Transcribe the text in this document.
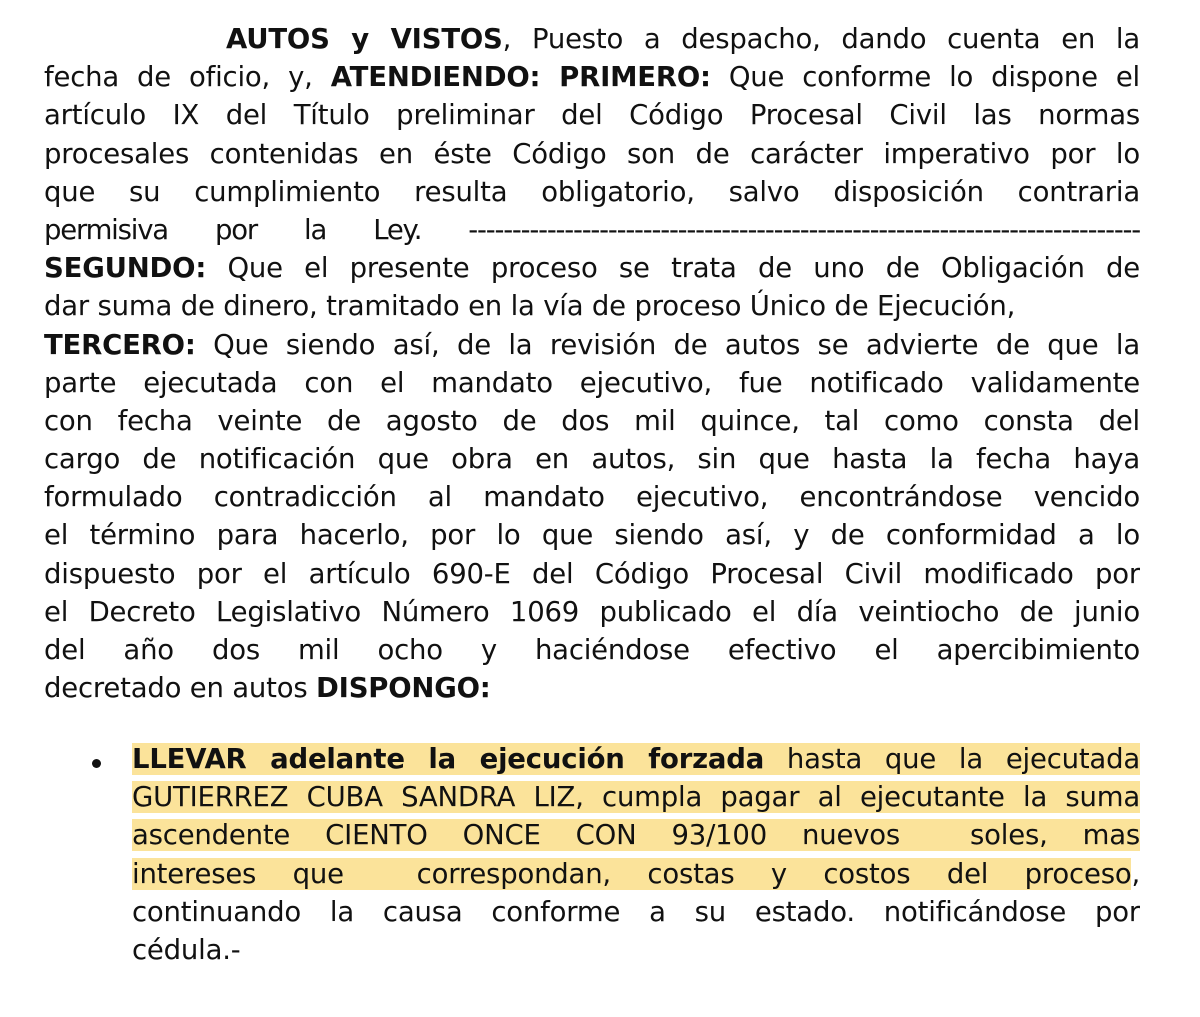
AUTOS y VISTOS, Puesto a despacho, dando cuenta en la
fecha de oficio, y, ATENDIENDO: PRIMERO: Que conforme lo dispone el
artículo IX del Título preliminar del Código Procesal Civil las normas
procesales contenidas en éste Código son de carácter imperativo por lo
que su cumplimiento resulta obligatorio, salvo disposición contraria
permisiva por la Ley. -----------------------------------------------------------------------------
SEGUNDO: Que el presente proceso se trata de uno de Obligación de
dar suma de dinero, tramitado en la vía de proceso Único de Ejecución,
TERCERO: Que siendo así, de la revisión de autos se advierte de que la
parte ejecutada con el mandato ejecutivo, fue notificado validamente
con fecha veinte de agosto de dos mil quince, tal como consta del
cargo de notificación que obra en autos, sin que hasta la fecha haya
formulado contradicción al mandato ejecutivo, encontrándose vencido
el término para hacerlo, por lo que siendo así, y de conformidad a lo
dispuesto por el artículo 690-E del Código Procesal Civil modificado por
el Decreto Legislativo Número 1069 publicado el día veintiocho de junio
del año dos mil ocho y haciéndose efectivo el apercibimiento
decretado en autos DISPONGO:
LLEVAR adelante la ejecución forzada hasta que la ejecutada
GUTIERREZ CUBA SANDRA LIZ, cumpla pagar al ejecutante la suma
ascendente CIENTO ONCE CON 93/100 nuevos  soles, mas
intereses que  correspondan, costas y costos del proceso,
continuando la causa conforme a su estado. notificándose por
cédula.-
